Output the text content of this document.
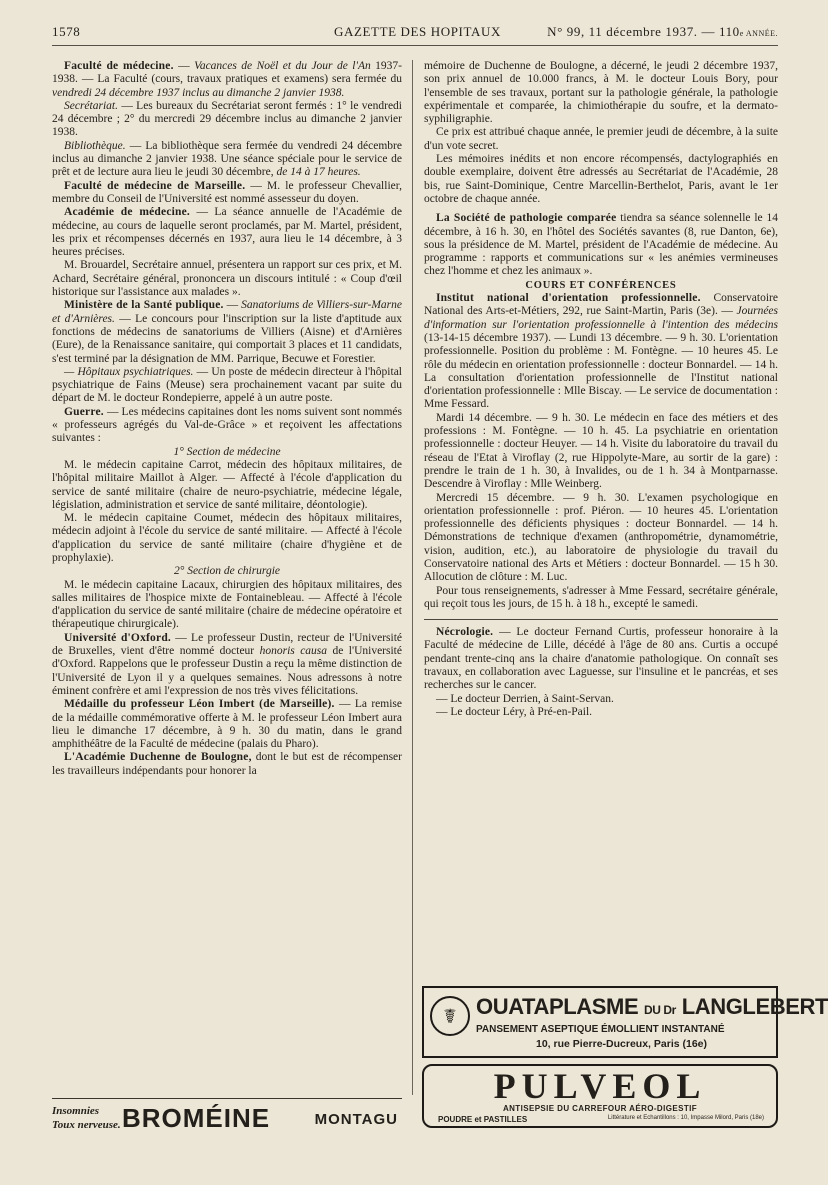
1578	GAZETTE DES HOPITAUX	N° 99, 11 décembre 1937. — 110e ANNÉE.

Faculté de médecine. — Vacances de Noël et du Jour de l'An 1937-1938. — La Faculté (cours, travaux pratiques et examens) sera fermée du vendredi 24 décembre 1937 inclus au dimanche 2 janvier 1938.

Secrétariat. — Les bureaux du Secrétariat seront fermés : 1° le vendredi 24 décembre ; 2° du mercredi 29 décembre inclus au dimanche 2 janvier 1938.

Bibliothèque. — La bibliothèque sera fermée du vendredi 24 décembre inclus au dimanche 2 janvier 1938. Une séance spéciale pour le service de prêt et de lecture aura lieu le jeudi 30 décembre, de 14 à 17 heures.

Faculté de médecine de Marseille. — M. le professeur Chevallier, membre du Conseil de l'Université est nommé assesseur du doyen.

Académie de médecine. — La séance annuelle de l'Académie de médecine, au cours de laquelle seront proclamés, par M. Martel, président, les prix et récompenses décernés en 1937, aura lieu le 14 décembre, à 3 heures précises.

M. Brouardel, Secrétaire annuel, présentera un rapport sur ces prix, et M. Achard, Secrétaire général, prononcera un discours intitulé : « Coup d'œil historique sur l'assistance aux malades ».

Ministère de la Santé publique. — Sanatoriums de Villiers-sur-Marne et d'Arnières. — Le concours pour l'inscription sur la liste d'aptitude aux fonctions de médecins de sanatoriums de Villiers (Aisne) et d'Arnières (Eure), de la Renaissance sanitaire, qui comportait 3 places et 11 candidats, s'est terminé par la désignation de MM. Parrique, Becuwe et Forestier.

— Hôpitaux psychiatriques. — Un poste de médecin directeur à l'hôpital psychiatrique de Fains (Meuse) sera prochainement vacant par suite du départ de M. le docteur Rondepierre, appelé à un autre poste.

Guerre. — Les médecins capitaines dont les noms suivent sont nommés « professeurs agrégés du Val-de-Grâce » et reçoivent les affectations suivantes :

1° Section de médecine

M. le médecin capitaine Carrot, médecin des hôpitaux militaires, de l'hôpital militaire Maillot à Alger. — Affecté à l'école d'application du service de santé militaire (chaire de neuro-psychiatrie, médecine légale, législation, administration et service de santé militaire, déontologie).

M. le médecin capitaine Coumet, médecin des hôpitaux militaires, médecin adjoint à l'école du service de santé militaire. — Affecté à l'école d'application du service de santé militaire (chaire d'hygiène et de prophylaxie).

2° Section de chirurgie

M. le médecin capitaine Lacaux, chirurgien des hôpitaux militaires, des salles militaires de l'hospice mixte de Fontainebleau. — Affecté à l'école d'application du service de santé militaire (chaire de médecine opératoire et thérapeutique chirurgicale).

Université d'Oxford. — Le professeur Dustin, recteur de l'Université de Bruxelles, vient d'être nommé docteur honoris causa de l'Université d'Oxford. Rappelons que le professeur Dustin a reçu la même distinction de l'Université de Lyon il y a quelques semaines. Nous adressons à notre éminent confrère et ami l'expression de nos très vives félicitations.

Médaille du professeur Léon Imbert (de Marseille). — La remise de la médaille commémorative offerte à M. le professeur Léon Imbert aura lieu le dimanche 17 décembre, à 9 h. 30 du matin, dans le grand amphithéâtre de la Faculté de médecine (palais du Pharo).

L'Académie Duchenne de Boulogne, dont le but est de récompenser les travailleurs indépendants pour honorer la

mémoire de Duchenne de Boulogne, a décerné, le jeudi 2 décembre 1937, son prix annuel de 10.000 francs, à M. le docteur Louis Bory, pour l'ensemble de ses travaux, portant sur la pathologie générale, la pathologie expérimentale et comparée, la chimiothérapie du soufre, et la dermato-syphiligraphie.

Ce prix est attribué chaque année, le premier jeudi de décembre, à la suite d'un vote secret.

Les mémoires inédits et non encore récompensés, dactylographiés en double exemplaire, doivent être adressés au Secrétariat de l'Académie, 28 bis, rue Saint-Dominique, Centre Marcellin-Berthelot, Paris, avant le 1er octobre de chaque année.

La Société de pathologie comparée tiendra sa séance solennelle le 14 décembre, à 16 h. 30, en l'hôtel des Sociétés savantes (8, rue Danton, 6e), sous la présidence de M. Martel, président de l'Académie de médecine. Au programme : rapports et communications sur « les anémies vermineuses chez l'homme et chez les animaux ».

COURS ET CONFÉRENCES

Institut national d'orientation professionnelle. Conservatoire National des Arts-et-Métiers, 292, rue Saint-Martin, Paris (3e). — Journées d'information sur l'orientation professionnelle à l'intention des médecins (13-14-15 décembre 1937). — Lundi 13 décembre. — 9 h. 30. L'orientation professionnelle. Position du problème : M. Fontègne. — 10 heures 45. Le rôle du médecin en orientation professionnelle : docteur Bonnardel. — 14 h. La consultation d'orientation professionnelle de l'Institut national d'orientation professionnelle : Mlle Biscay. — Le service de documentation : Mme Fessard.

Mardi 14 décembre. — 9 h. 30. Le médecin en face des métiers et des professions : M. Fontègne. — 10 h. 45. La psychiatrie en orientation professionnelle : docteur Heuyer. — 14 h. Visite du laboratoire du travail du réseau de l'Etat à Viroflay (2, rue Hippolyte-Mare, au sortir de la gare) : prendre le train de 1 h. 30, à Invalides, ou de 1 h. 34 à Montparnasse. Descendre à Viroflay : Mlle Weinberg.

Mercredi 15 décembre. — 9 h. 30. L'examen psychologique en orientation professionnelle : prof. Piéron. — 10 heures 45. L'orientation professionnelle des déficients physiques : docteur Bonnardel. — 14 h. Démonstrations de technique d'examen (anthropométrie, dynamométrie, vision, audition, etc.), au laboratoire de physiologie du travail du Conservatoire national des Arts et Métiers : docteur Bonnardel. — 15 h 30. Allocution de clôture : M. Luc.

Pour tous renseignements, s'adresser à Mme Fessard, secrétaire générale, qui reçoit tous les jours, de 15 h. à 18 h., excepté le samedi.

Nécrologie. — Le docteur Fernand Curtis, professeur honoraire à la Faculté de médecine de Lille, décédé à l'âge de 80 ans. Curtis a occupé pendant trente-cinq ans la chaire d'anatomie pathologique. On connaît ses travaux, en collaboration avec Laguesse, sur l'insuline et le pancréas, et ses recherches sur le cancer.

— Le docteur Derrien, à Saint-Servan.

— Le docteur Léry, à Pré-en-Pail.

☤ OUATAPLASME DU Dr LANGLEBERT
PANSEMENT ASEPTIQUE ÉMOLLIENT INSTANTANÉ
10, rue Pierre-Ducreux, Paris (16e)
PULVEOL
ANTISEPSIE DU CARREFOUR AÉRO-DIGESTIF
POUDRE et PASTILLES	Littérature et Echantillons : 10, Impasse Milord, Paris (18e)
Insomnies
Toux nerveuse. BROMÉINE	MONTAGU
